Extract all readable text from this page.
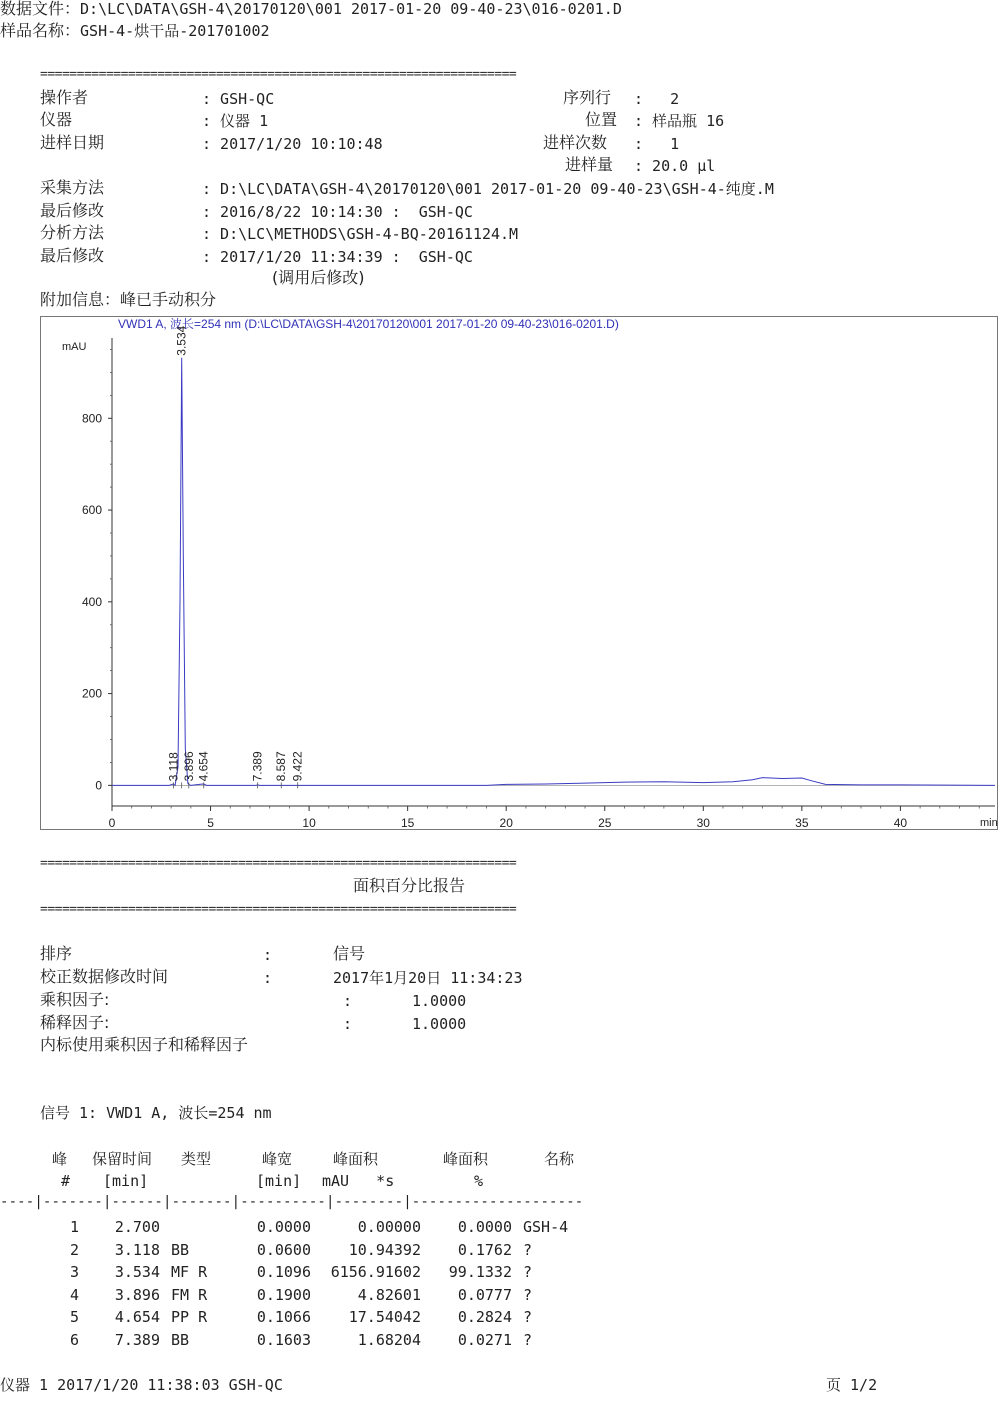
数据文件：D:\LC\DATA\GSH-4\20170120\001 2017-01-20 09-40-23\016-0201.D
样品名称：GSH-4-烘干品-201701002
=================================================================
操作者	: GSH-QC
仪器	: 仪器 1
进样日期	: 2017/1/20 10:10:48
采集方法	: D:\LC\DATA\GSH-4\20170120\001 2017-01-20 09-40-23\GSH-4-纯度.M
最后修改	: 2016/8/22 10:14:30 :  GSH-QC
分析方法	: D:\LC\METHODS\GSH-4-BQ-20161124.M
最后修改	: 2017/1/20 11:34:39 :  GSH-QC
(调用后修改)
序列行 :   2
位置 : 样品瓶 16
进样次数 :   1
进样量 : 20.0 µl
附加信息：峰已手动积分
VWD1 A, 波长=254 nm (D:\LC\DATA\GSH-4\20170120\001 2017-01-20 09-40-23\016-0201.D)
mAU
min
0
200
400
600
800
0	5	10	15	20	25	30	35	40
3.118
3.534
3.896 4.654	7.389 8.587 9.422
=================================================================
面积百分比报告
=================================================================
排序	:	信号
校正数据修改时间	:	2017年1月20日 11:34:23
乘积因子:	:	1.0000
稀释因子:	:	1.0000
内标使用乘积因子和稀释因子
信号 1: VWD1 A, 波长=254 nm
峰 保留时间 类型	峰宽	峰面积	峰面积	名称
# [min]	[min] mAU   *s	%
----|-------|------|-------|----------|--------|--------------------
1 2.700	0.0000	0.00000 0.0000 GSH-4
2 3.118 BB	0.0600	10.94392 0.1762 ?
3 3.534 MF R	0.1096 6156.91602 99.1332 ?
4 3.896 FM R	0.1900	4.82601 0.0777 ?
5 4.654 PP R	0.1066	17.54042 0.2824 ?
6 7.389 BB	0.1603	1.68204 0.0271 ?
仪器 1 2017/1/20 11:38:03 GSH-QC	页 1/2
